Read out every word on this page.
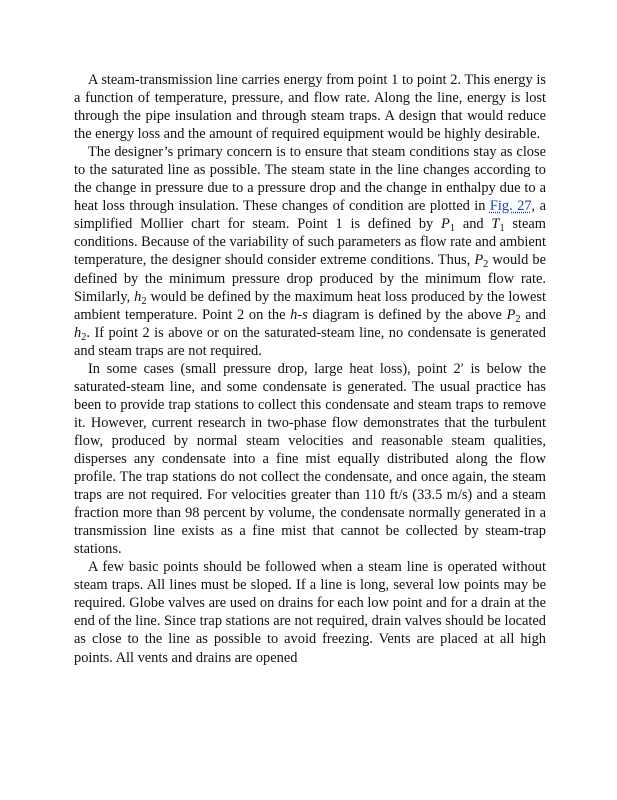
A steam-transmission line carries energy from point 1 to point 2. This energy is a function of temperature, pressure, and flow rate. Along the line, energy is lost through the pipe insulation and through steam traps. A design that would reduce the energy loss and the amount of required equipment would be highly desirable.

The designer’s primary concern is to ensure that steam conditions stay as close to the saturated line as possible. The steam state in the line changes according to the change in pressure due to a pressure drop and the change in enthalpy due to a heat loss through insulation. These changes of condition are plotted in Fig. 27, a simplified Mollier chart for steam. Point 1 is defined by $P_1$ and $T_1$ steam conditions. Because of the variability of such parameters as flow rate and ambient temperature, the designer should consider extreme conditions. Thus, $P_2$ would be defined by the minimum pressure drop produced by the minimum flow rate. Similarly, $h_2$ would be defined by the maximum heat loss produced by the lowest ambient temperature. Point 2 on the h-s diagram is defined by the above $P_2$ and $h_2$. If point 2 is above or on the saturated-steam line, no condensate is generated and steam traps are not required.

In some cases (small pressure drop, large heat loss), point 2′ is below the saturated-steam line, and some condensate is generated. The usual practice has been to provide trap stations to collect this condensate and steam traps to remove it. However, current research in two-phase flow demonstrates that the turbulent flow, produced by normal steam velocities and reasonable steam qualities, disperses any condensate into a fine mist equally distributed along the flow profile. The trap stations do not collect the condensate, and once again, the steam traps are not required. For velocities greater than 110 ft/s (33.5 m/s) and a steam fraction more than 98 percent by volume, the condensate normally generated in a transmission line exists as a fine mist that cannot be collected by steam-trap stations.

A few basic points should be followed when a steam line is operated without steam traps. All lines must be sloped. If a line is long, several low points may be required. Globe valves are used on drains for each low point and for a drain at the end of the line. Since trap stations are not required, drain valves should be located as close to the line as possible to avoid freezing. Vents are placed at all high points. All vents and drains are opened
